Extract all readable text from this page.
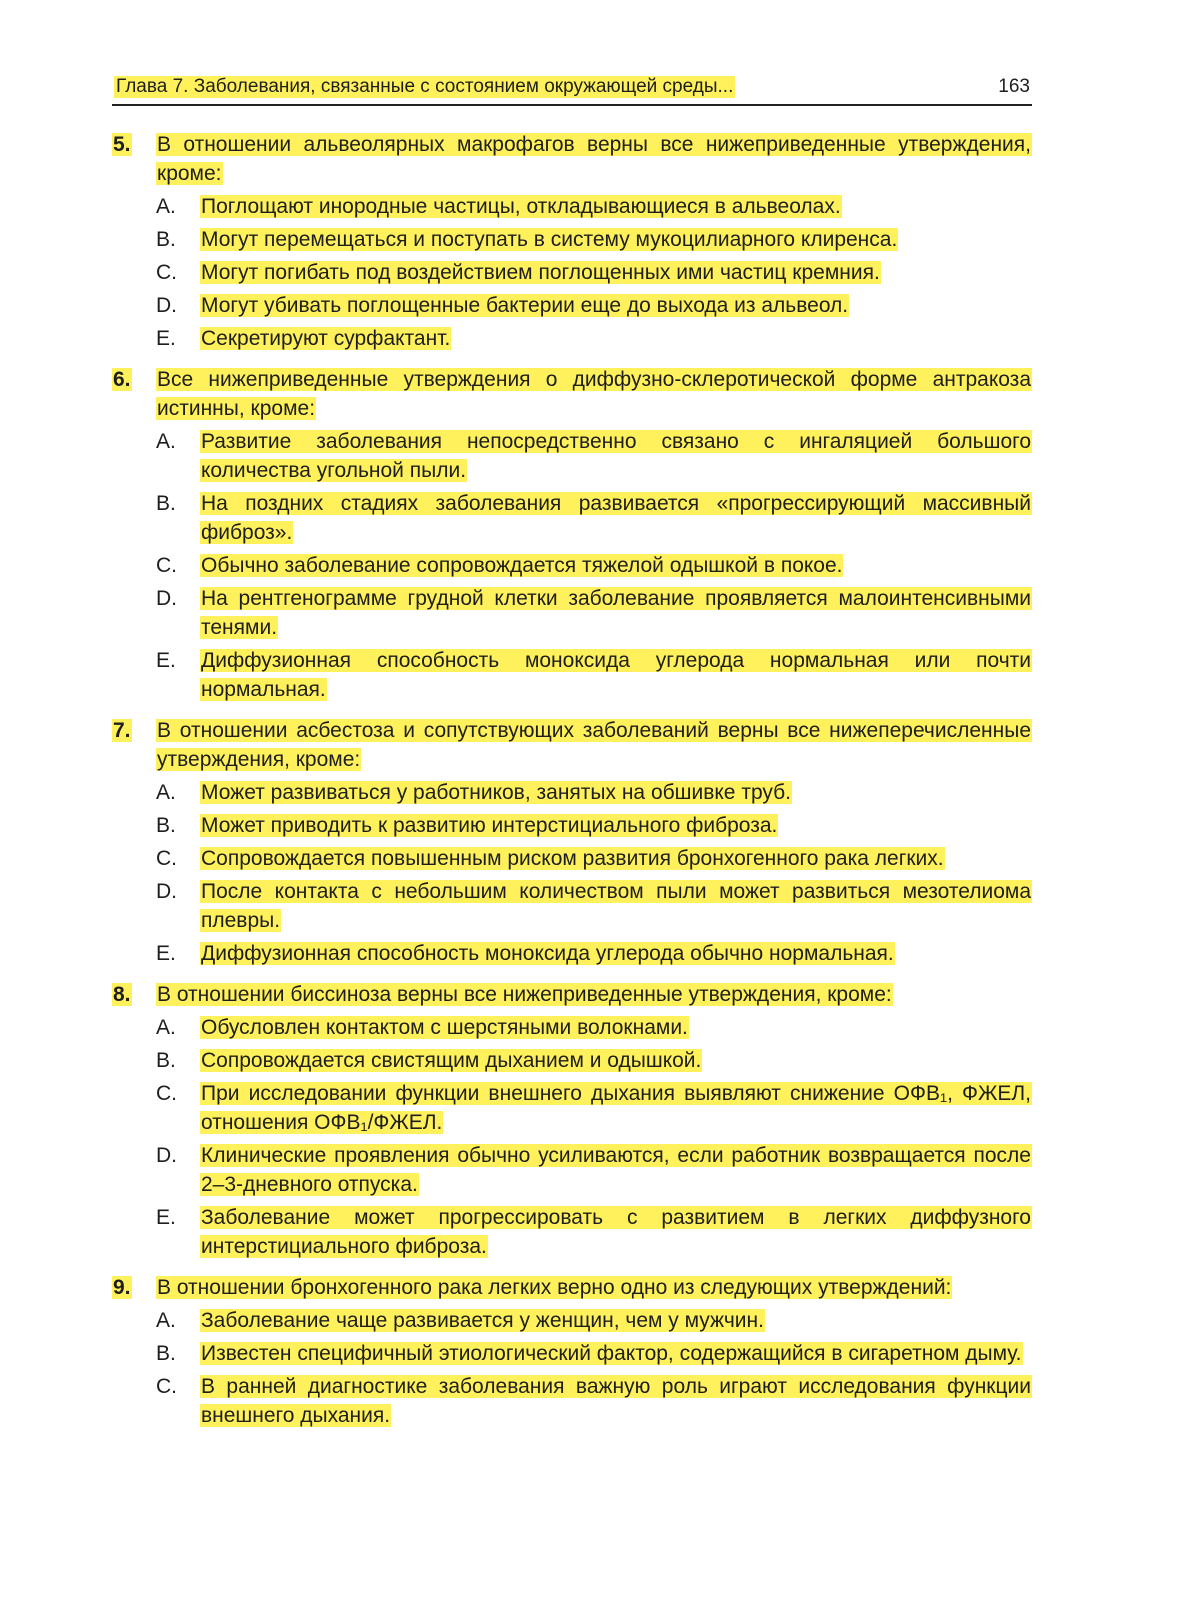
Глава 7. Заболевания, связанные с состоянием окружающей среды...	163
5.	В отношении альвеолярных макрофагов верны все нижеприведенные утверждения, кроме:
A.	Поглощают инородные частицы, откладывающиеся в альвеолах.
B.	Могут перемещаться и поступать в систему мукоцилиарного клиренса.
C.	Могут погибать под воздействием поглощенных ими частиц кремния.
D.	Могут убивать поглощенные бактерии еще до выхода из альвеол.
E.	Секретируют сурфактант.
6.	Все нижеприведенные утверждения о диффузно-склеротической форме антракоза истинны, кроме:
A.	Развитие заболевания непосредственно связано с ингаляцией большого количества угольной пыли.
B.	На поздних стадиях заболевания развивается «прогрессирующий массивный фиброз».
C.	Обычно заболевание сопровождается тяжелой одышкой в покое.
D.	На рентгенограмме грудной клетки заболевание проявляется малоинтенсивными тенями.
E.	Диффузионная способность моноксида углерода нормальная или почти нормальная.
7.	В отношении асбестоза и сопутствующих заболеваний верны все нижеперечисленные утверждения, кроме:
A.	Может развиваться у работников, занятых на обшивке труб.
B.	Может приводить к развитию интерстициального фиброза.
C.	Сопровождается повышенным риском развития бронхогенного рака легких.
D.	После контакта с небольшим количеством пыли может развиться мезотелиома плевры.
E.	Диффузионная способность моноксида углерода обычно нормальная.
8.	В отношении биссиноза верны все нижеприведенные утверждения, кроме:
A.	Обусловлен контактом с шерстяными волокнами.
B.	Сопровождается свистящим дыханием и одышкой.
C.	При исследовании функции внешнего дыхания выявляют снижение ОФВ₁, ФЖЕЛ, отношения ОФВ₁/ФЖЕЛ.
D.	Клинические проявления обычно усиливаются, если работник возвращается после 2–3-дневного отпуска.
E.	Заболевание может прогрессировать с развитием в легких диффузного интерстициального фиброза.
9.	В отношении бронхогенного рака легких верно одно из следующих утверждений:
A.	Заболевание чаще развивается у женщин, чем у мужчин.
B.	Известен специфичный этиологический фактор, содержащийся в сигаретном дыму.
C.	В ранней диагностике заболевания важную роль играют исследования функции внешнего дыхания.
